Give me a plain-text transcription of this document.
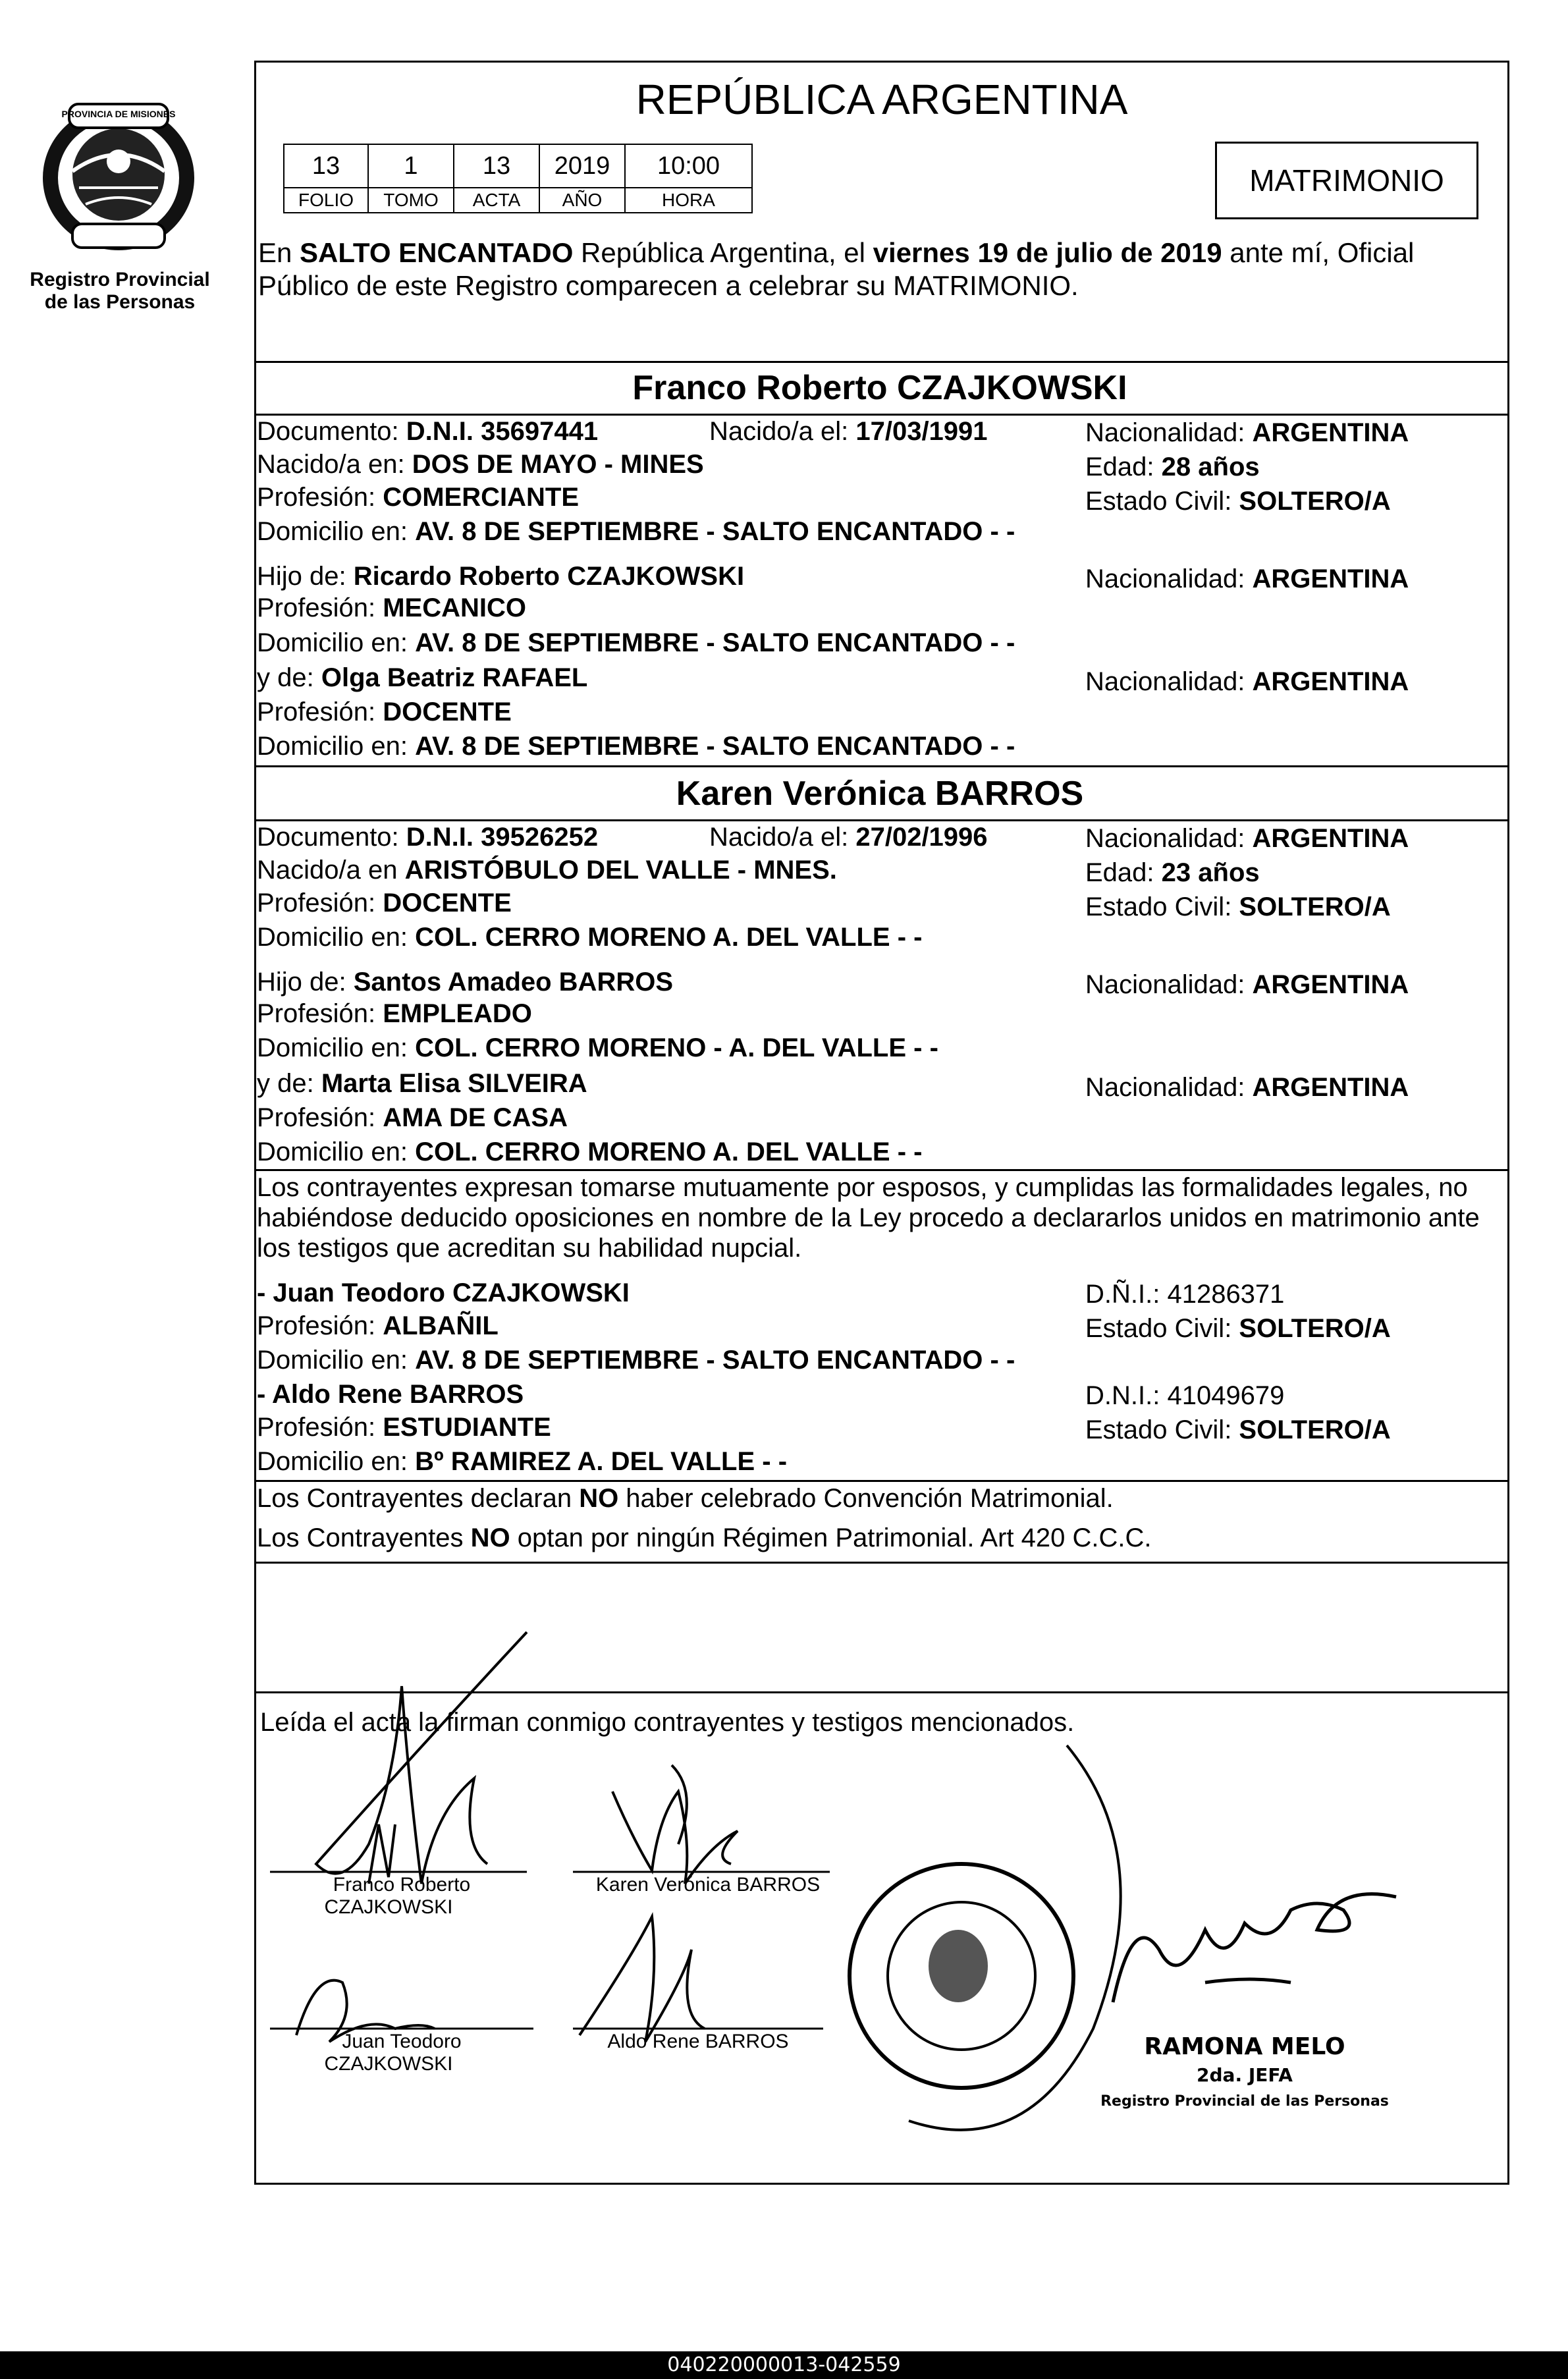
PROVINCIA DE MISIONES
Registro Provincial
de las Personas
REPÚBLICA ARGENTINA
13	1	13	2019	10:00
FOLIO	TOMO	ACTA	AÑO	HORA
MATRIMONIO
En SALTO ENCANTADO República Argentina, el viernes 19 de julio de 2019 ante mí, Oficial
Público de este Registro comparecen a celebrar su MATRIMONIO.
Franco Roberto CZAJKOWSKI
Documento: D.N.I. 35697441	Nacido/a el: 17/03/1991	Nacionalidad: ARGENTINA
Nacido/a en: DOS DE MAYO - MINES	Edad: 28 años
Profesión: COMERCIANTE	Estado Civil: SOLTERO/A
Domicilio en: AV. 8 DE SEPTIEMBRE - SALTO ENCANTADO - -
Hijo de: Ricardo Roberto CZAJKOWSKI	Nacionalidad: ARGENTINA
Profesión: MECANICO
Domicilio en: AV. 8 DE SEPTIEMBRE - SALTO ENCANTADO - -
y de: Olga Beatriz RAFAEL	Nacionalidad: ARGENTINA
Profesión: DOCENTE
Domicilio en: AV. 8 DE SEPTIEMBRE - SALTO ENCANTADO - -
Karen Verónica BARROS
Documento: D.N.I. 39526252	Nacido/a el: 27/02/1996	Nacionalidad: ARGENTINA
Nacido/a en ARISTÓBULO DEL VALLE - MNES.	Edad: 23 años
Profesión: DOCENTE	Estado Civil: SOLTERO/A
Domicilio en: COL. CERRO MORENO A. DEL VALLE - -
Hijo de: Santos Amadeo BARROS	Nacionalidad: ARGENTINA
Profesión: EMPLEADO
Domicilio en: COL. CERRO MORENO - A. DEL VALLE - -
y de: Marta Elisa SILVEIRA	Nacionalidad: ARGENTINA
Profesión: AMA DE CASA
Domicilio en: COL. CERRO MORENO A. DEL VALLE - -
Los contrayentes expresan tomarse mutuamente por esposos, y cumplidas las formalidades legales, no
habiéndose deducido oposiciones en nombre de la Ley procedo a declararlos unidos en matrimonio ante
los testigos que acreditan su habilidad nupcial.
- Juan Teodoro CZAJKOWSKI	D.Ñ.I.: 41286371
Profesión: ALBAÑIL	Estado Civil: SOLTERO/A
Domicilio en: AV. 8 DE SEPTIEMBRE - SALTO ENCANTADO - -
- Aldo Rene BARROS	D.N.I.: 41049679
Profesión: ESTUDIANTE	Estado Civil: SOLTERO/A
Domicilio en: Bº RAMIREZ A. DEL VALLE - -
Los Contrayentes declaran NO haber celebrado Convención Matrimonial.
Los Contrayentes NO optan por ningún Régimen Patrimonial. Art 420 C.C.C.
Leída el acta la firman conmigo contrayentes y testigos mencionados.
Franco Roberto
CZAJKOWSKI
Karen Verónica BARROS
Juan Teodoro
CZAJKOWSKI
Aldo Rene BARROS	RAMONA MELO
2da. JEFA
Registro Provincial de las Personas
040220000013-042559
